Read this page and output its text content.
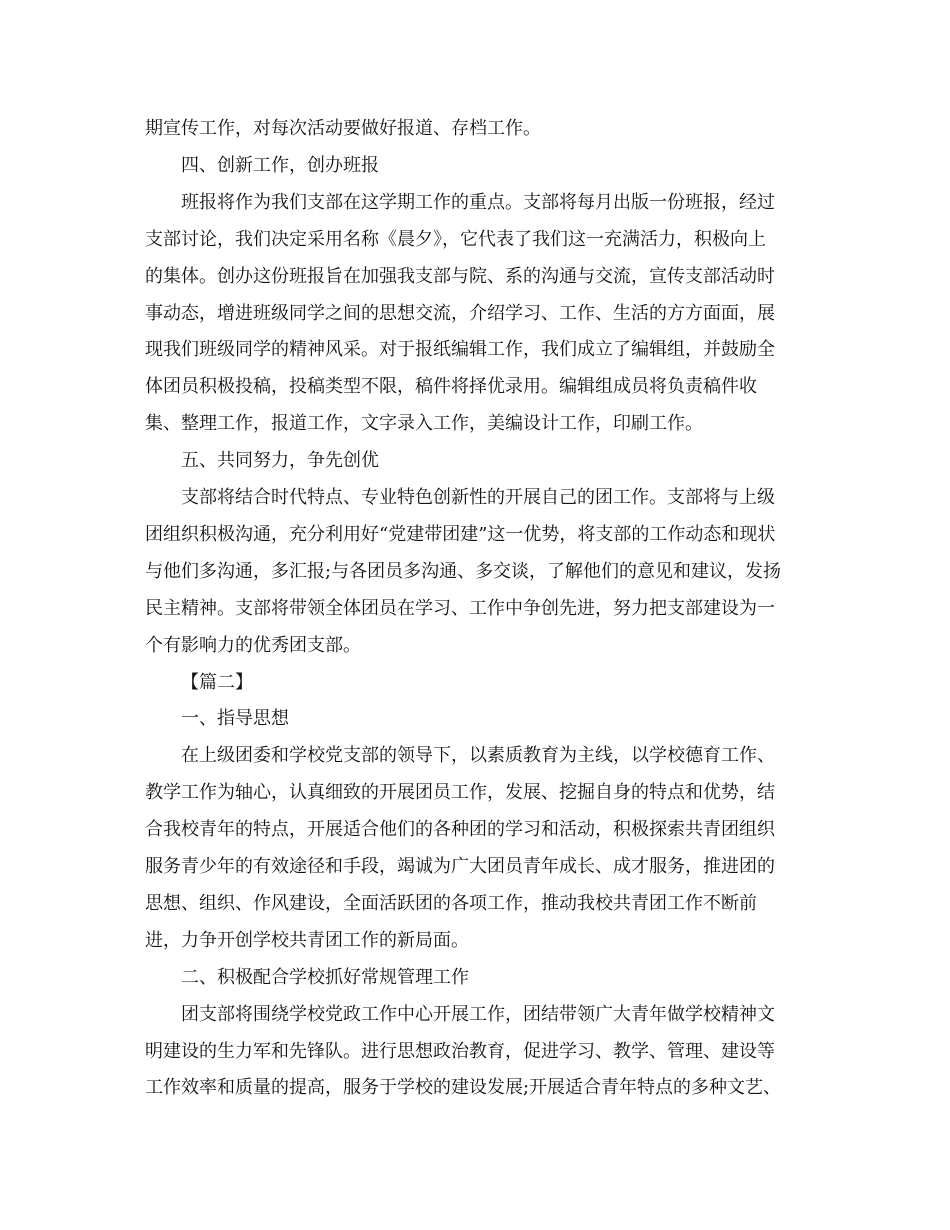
期宣传工作，对每次活动要做好报道、存档工作。
四、创新工作，创办班报
班报将作为我们支部在这学期工作的重点。支部将每月出版一份班报，经过
支部讨论，我们决定采用名称《晨夕》，它代表了我们这一充满活力，积极向上
的集体。创办这份班报旨在加强我支部与院、系的沟通与交流，宣传支部活动时
事动态，增进班级同学之间的思想交流，介绍学习、工作、生活的方方面面，展
现我们班级同学的精神风采。对于报纸编辑工作，我们成立了编辑组，并鼓励全
体团员积极投稿，投稿类型不限，稿件将择优录用。编辑组成员将负责稿件收
集、整理工作，报道工作，文字录入工作，美编设计工作，印刷工作。
五、共同努力，争先创优
支部将结合时代特点、专业特色创新性的开展自己的团工作。支部将与上级
团组织积极沟通，充分利用好“党建带团建”这一优势，将支部的工作动态和现状
与他们多沟通，多汇报;与各团员多沟通、多交谈，了解他们的意见和建议，发扬
民主精神。支部将带领全体团员在学习、工作中争创先进，努力把支部建设为一
个有影响力的优秀团支部。
【篇二】
一、指导思想
在上级团委和学校党支部的领导下，以素质教育为主线，以学校德育工作、
教学工作为轴心，认真细致的开展团员工作，发展、挖掘自身的特点和优势，结
合我校青年的特点，开展适合他们的各种团的学习和活动，积极探索共青团组织
服务青少年的有效途径和手段，竭诚为广大团员青年成长、成才服务，推进团的
思想、组织、作风建设，全面活跃团的各项工作，推动我校共青团工作不断前
进，力争开创学校共青团工作的新局面。
二、积极配合学校抓好常规管理工作
团支部将围绕学校党政工作中心开展工作，团结带领广大青年做学校精神文
明建设的生力军和先锋队。进行思想政治教育，促进学习、教学、管理、建设等
工作效率和质量的提高，服务于学校的建设发展;开展适合青年特点的多种文艺、
